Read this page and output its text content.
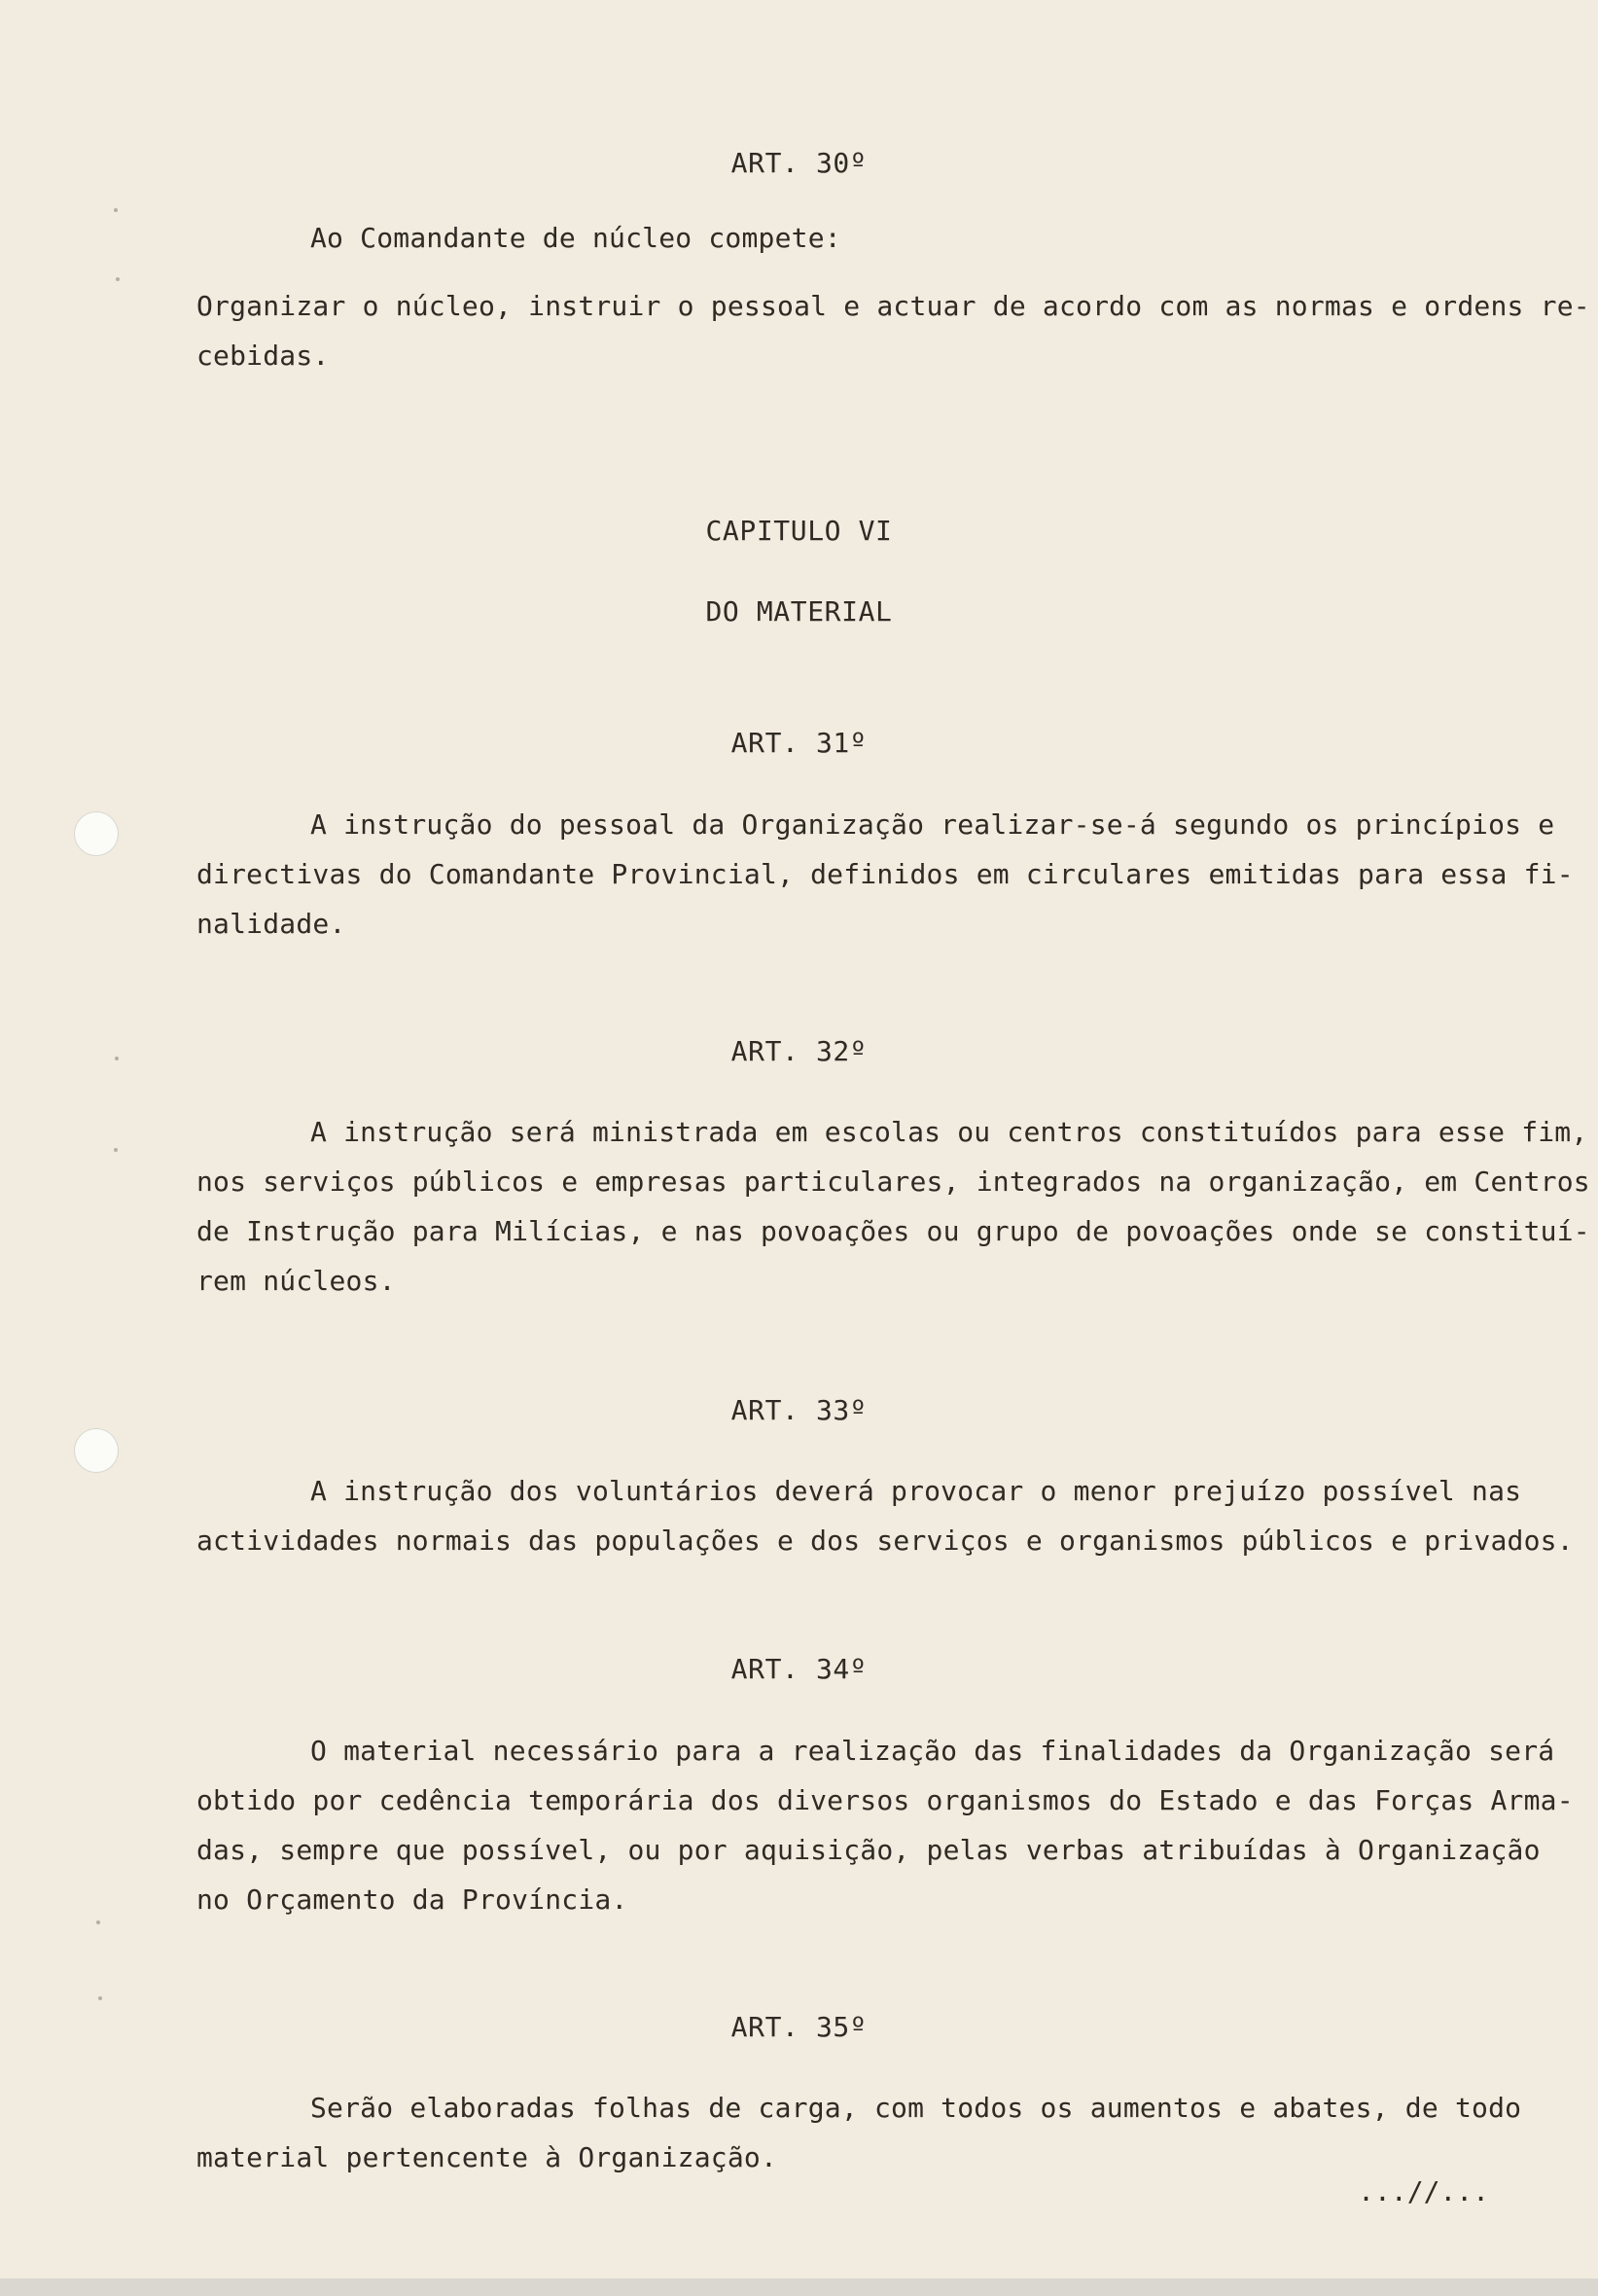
ART. 30º
Ao Comandante de núcleo compete:
Organizar o núcleo, instruir o pessoal e actuar de acordo com as normas e ordens re-
cebidas.
CAPITULO VI
DO MATERIAL
ART. 31º
A instrução do pessoal da Organização realizar-se-á segundo os princípios e
directivas do Comandante Provincial, definidos em circulares emitidas para essa fi-
nalidade.
ART. 32º
A instrução será ministrada em escolas ou centros constituídos para esse fim,
nos serviços públicos e empresas particulares, integrados na organização, em Centros
de Instrução para Milícias, e nas povoações ou grupo de povoações onde se constituí-
rem núcleos.
ART. 33º
A instrução dos voluntários deverá provocar o menor prejuízo possível nas
actividades normais das populações e dos serviços e organismos públicos e privados.
ART. 34º
O material necessário para a realização das finalidades da Organização será
obtido por cedência temporária dos diversos organismos do Estado e das Forças Arma-
das, sempre que possível, ou por aquisição, pelas verbas atribuídas à Organização
no Orçamento da Província.
ART. 35º
Serão elaboradas folhas de carga, com todos os aumentos e abates, de todo
material pertencente à Organização.
...//...
